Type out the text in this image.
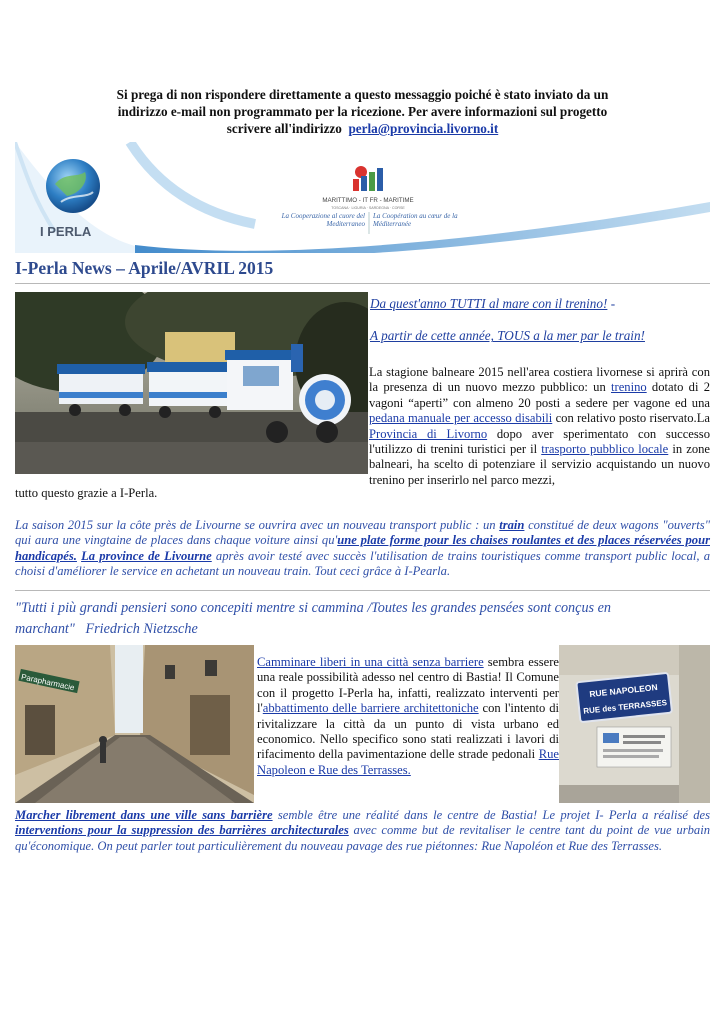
Si prega di non rispondere direttamente a questo messaggio poiché è stato inviato da un
indirizzo e-mail non programmato per la ricezione. Per avere informazioni sul progetto
scrivere all'indirizzo perla@provincia.livorno.it
I PERLA
MARITTIMO - IT FR - MARITIME
TOSCANA · LIGURIA · SARDEGNA · CORSE
La Cooperazione al cuore del Mediterraneo
La Coopération au cœur de la Méditerranée
I-Perla News – Aprile/AVRIL 2015
Da quest'anno TUTTI al mare con il trenino! -
A partir de cette année, TOUS a la mer par le train!
La stagione balneare 2015 nell'area costiera livornese si aprirà con la presenza di un nuovo mezzo pubblico: un trenino dotato di 2 vagoni “aperti” con almeno 20 posti a sedere per vagone ed una pedana manuale per accesso disabili con relativo posto riservato.La Provincia di Livorno dopo aver sperimentato con successo l'utilizzo di trenini turistici per il trasporto pubblico locale in zone balneari, ha scelto di potenziare il servizio acquistando un nuovo trenino per inserirlo nel parco mezzi,
tutto questo grazie a I-Perla.
La saison 2015 sur la côte près de Livourne se ouvrira avec un nouveau transport public : un train constitué de deux wagons "ouverts" qui aura une vingtaine de places dans chaque voiture ainsi qu'une plate forme pour les chaises roulantes et des places réservées pour handicapés. La province de Livourne après avoir testé avec succès l'utilisation de trains touristiques comme transport public local, a choisi d'améliorer le service en achetant un nouveau train. Tout ceci grâce à I-Pearla.
"Tutti i più grandi pensieri sono concepiti mentre si cammina /Toutes les grandes pensées sont conçus en
marchant" Friedrich Nietzsche
Parapharmacie
Camminare liberi in una città senza barriere sembra essere una reale possibilità adesso nel centro di Bastia! Il Comune con il progetto I-Perla ha, infatti, realizzato interventi per l'abbattimento delle barriere architettoniche con l'intento di rivitalizzare la città da un punto di vista urbano ed economico. Nello specifico sono stati realizzati i lavori di rifacimento della pavimentazione delle strade pedonali Rue Napoleon e Rue des Terrasses.
RUE NAPOLEON
RUE des TERRASSES
Marcher librement dans une ville sans barrière semble être une réalité dans le centre de Bastia! Le projet I- Perla a réalisé des interventions pour la suppression des barrières architecturales avec comme but de revitaliser le centre tant du point de vue urbain qu'économique. On peut parler tout particulièrement du nouveau pavage des rue piétonnes: Rue Napoléon et Rue des Terrasses.
